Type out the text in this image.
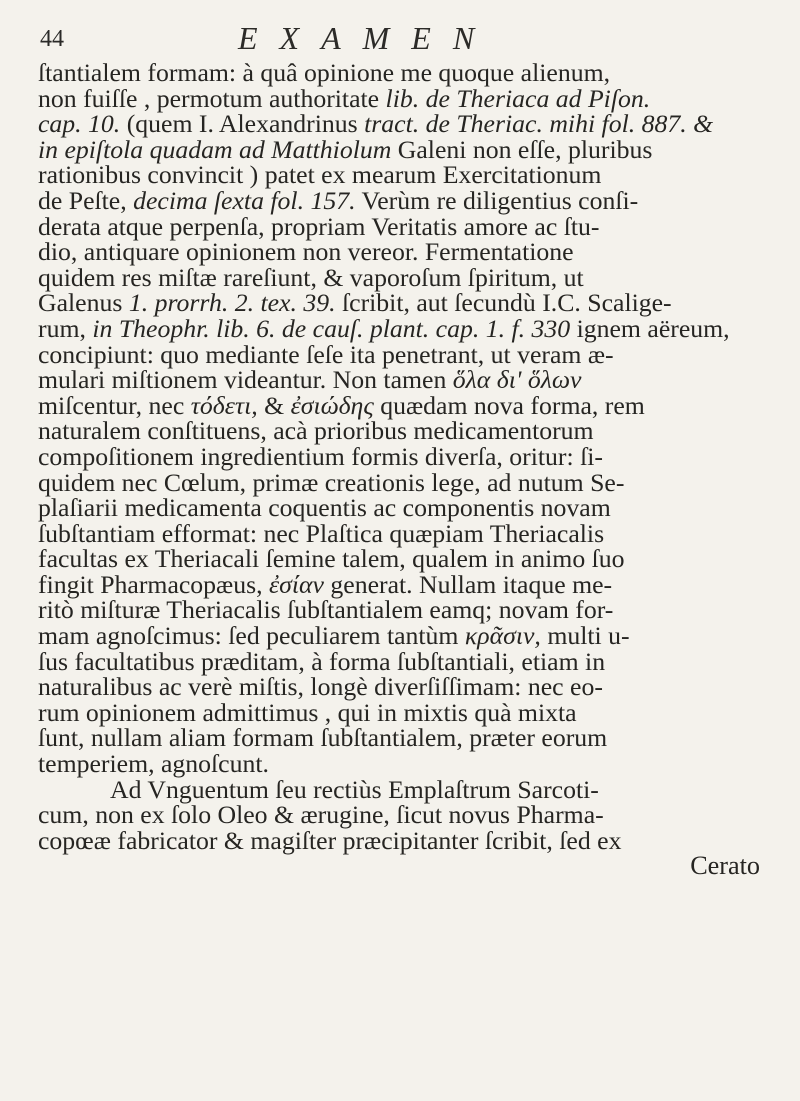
44	EXAMEN
ſtantialem formam: à quâ opinione me quoque alienum,
non fuiſſe , permotum authoritate lib. de Theriaca ad Piſon.
cap. 10. (quem I. Alexandrinus tract. de Theriac. mihi fol. 887. &
in epiſtola quadam ad Matthiolum Galeni non eſſe, pluribus
rationibus convincit ) patet ex mearum Exercitationum
de Peſte, decima ſexta fol. 157. Verùm re diligentius conſi-
derata atque perpenſa, propriam Veritatis amore ac ſtu-
dio, antiquare opinionem non vereor. Fermentatione
quidem res miſtæ rareſiunt, & vaporoſum ſpiritum, ut
Galenus 1. prorrh. 2. tex. 39. ſcribit, aut ſecundù I.C. Scalige-
rum, in Theophr. lib. 6. de cauſ. plant. cap. 1. f. 330 ignem aëreum,
concipiunt: quo mediante ſeſe ita penetrant, ut veram æ-
mulari miſtionem videantur. Non tamen ὅλα δι' ὅλων
miſcentur, nec τόδετι, & ἐσιώδης quædam nova forma, rem
naturalem conſtituens, acà prioribus medicamentorum
compoſitionem ingredientium formis diverſa, oritur: ſi-
quidem nec Cœlum, primæ creationis lege, ad nutum Se-
plaſiarii medicamenta coquentis ac componentis novam
ſubſtantiam efformat: nec Plaſtica quæpiam Theriacalis
facultas ex Theriacali ſemine talem, qualem in animo ſuo
fingit Pharmacopæus, ἐσίαν generat. Nullam itaque me-
ritò miſturæ Theriacalis ſubſtantialem eamq; novam for-
mam agnoſcimus: ſed peculiarem tantùm κρᾶσιν, multi u-
ſus facultatibus præditam, à forma ſubſtantiali, etiam in
naturalibus ac verè miſtis, longè diverſiſſimam: nec eo-
rum opinionem admittimus , qui in mixtis quà mixta
ſunt, nullam aliam formam ſubſtantialem, præter eorum
temperiem, agnoſcunt.
Ad Vnguentum ſeu rectiùs Emplaſtrum Sarcoti-
cum, non ex ſolo Oleo & ærugine, ſicut novus Pharma-
copœæ fabricator & magiſter præcipitanter ſcribit, ſed ex
Cerato
